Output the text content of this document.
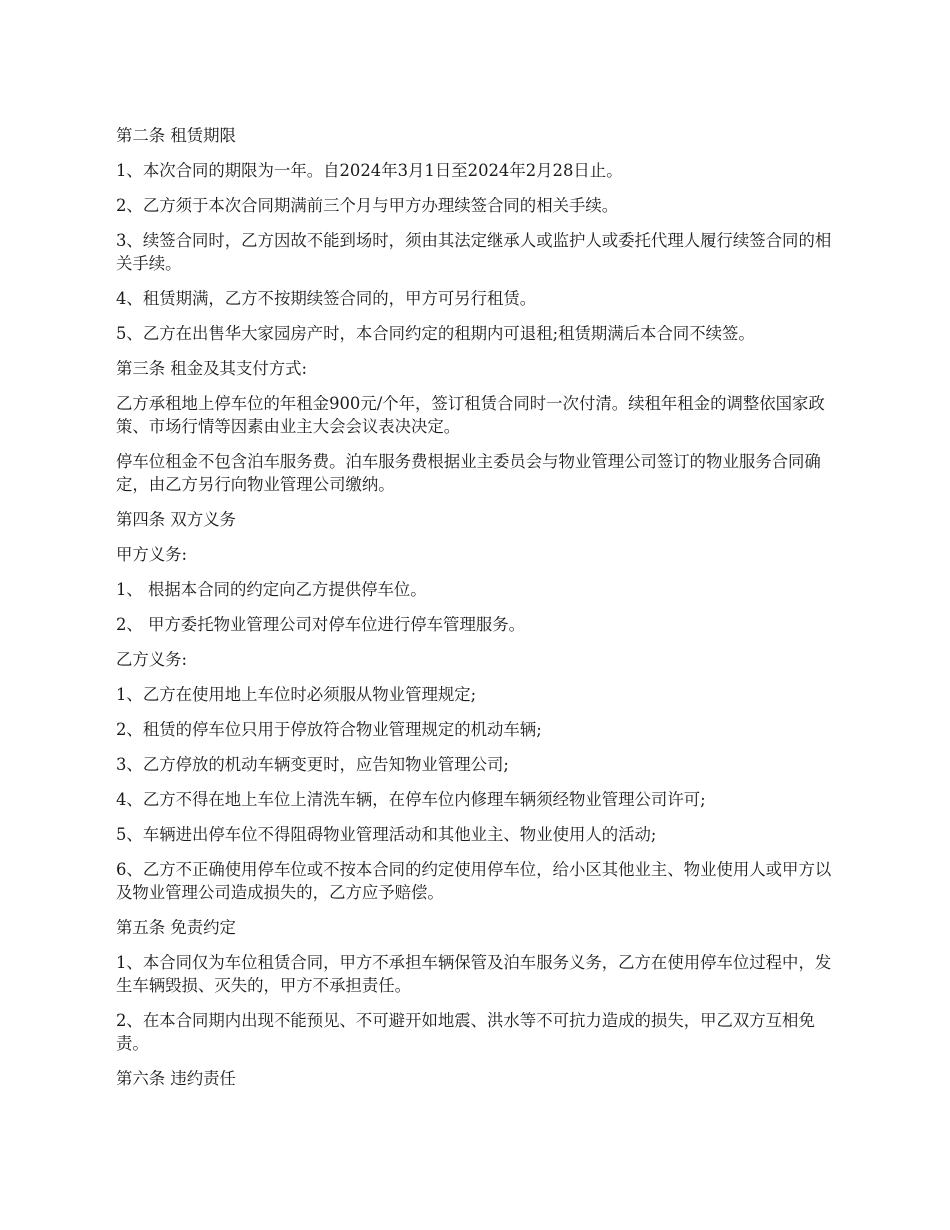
第二条 租赁期限

1、本次合同的期限为一年。自2024年3月1日至2024年2月28日止。

2、乙方须于本次合同期满前三个月与甲方办理续签合同的相关手续。

3、续签合同时，乙方因故不能到场时，须由其法定继承人或监护人或委托代理人履行续签合同的相关手续。

4、租赁期满，乙方不按期续签合同的，甲方可另行租赁。

5、乙方在出售华大家园房产时，本合同约定的租期内可退租;租赁期满后本合同不续签。

第三条 租金及其支付方式:

乙方承租地上停车位的年租金900元/个年，签订租赁合同时一次付清。续租年租金的调整依国家政策、市场行情等因素由业主大会会议表决决定。

停车位租金不包含泊车服务费。泊车服务费根据业主委员会与物业管理公司签订的物业服务合同确定，由乙方另行向物业管理公司缴纳。

第四条 双方义务

甲方义务:

1、 根据本合同的约定向乙方提供停车位。

2、 甲方委托物业管理公司对停车位进行停车管理服务。

乙方义务:

1、乙方在使用地上车位时必须服从物业管理规定;

2、租赁的停车位只用于停放符合物业管理规定的机动车辆;

3、乙方停放的机动车辆变更时，应告知物业管理公司;

4、乙方不得在地上车位上清洗车辆，在停车位内修理车辆须经物业管理公司许可;

5、车辆进出停车位不得阻碍物业管理活动和其他业主、物业使用人的活动;

6、乙方不正确使用停车位或不按本合同的约定使用停车位，给小区其他业主、物业使用人或甲方以及物业管理公司造成损失的，乙方应予赔偿。

第五条 免责约定

1、本合同仅为车位租赁合同，甲方不承担车辆保管及泊车服务义务，乙方在使用停车位过程中，发生车辆毁损、灭失的，甲方不承担责任。

2、在本合同期内出现不能预见、不可避开如地震、洪水等不可抗力造成的损失，甲乙双方互相免责。

第六条 违约责任
